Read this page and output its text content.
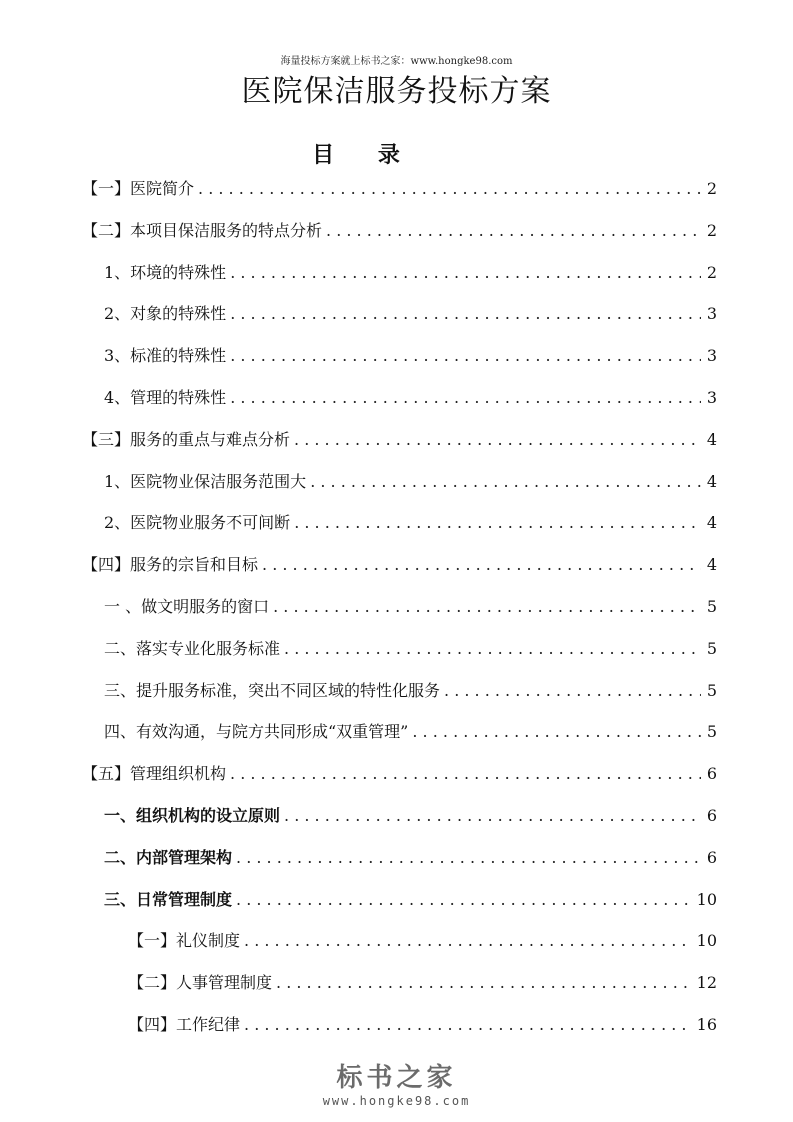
海量投标方案就上标书之家：www.hongke98.com
医院保洁服务投标方案
目 录
【一】医院简介 . . .	2
【二】本项目保洁服务的特点分析 . . .	2
1、环境的特殊性 . . .	2
2、对象的特殊性 . . .	3
3、标准的特殊性 . . .	3
4、管理的特殊性 . . .	3
【三】服务的重点与难点分析 . . .	4
1、医院物业保洁服务范围大 . . .	4
2、医院物业服务不可间断 . . .	4
【四】服务的宗旨和目标 . . .	4
一 、做文明服务的窗口 . . .	5
二、落实专业化服务标准 . . .	5
三、提升服务标准，突出不同区域的特性化服务 . . .	5
四、有效沟通，与院方共同形成“双重管理” . . .	5
【五】管理组织机构 . . .	6
一、组织机构的设立原则 . . .	6
二、内部管理架构 . . .	6
三、日常管理制度 . . .	10
【一】礼仪制度 . . .	10
【二】人事管理制度 . . .	12
【四】工作纪律 . . .	16
标书之家
www.hongke98.com
